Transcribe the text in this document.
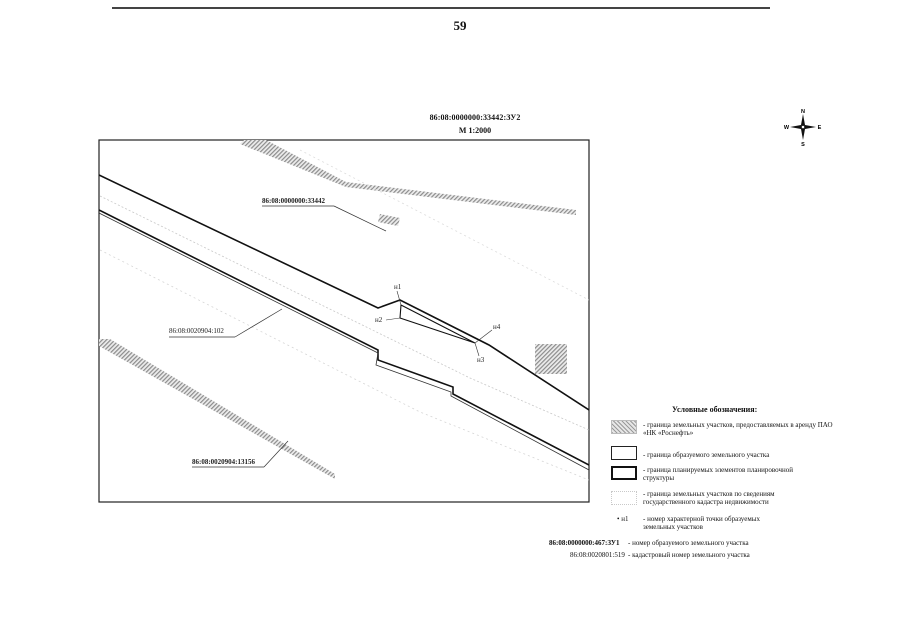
59
86:08:0000000:33442:ЗУ2
М 1:2000
N
S
W	E
н1
н2
н3
н4
86:08:0000000:33442
86:08:0020904:102
86:08:0020904:13156
Условные обозначения:
- граница земельных участков, предоставляемых в аренду ПАО «НК «Роснефть»
- граница образуемого земельного участка
- граница планируемых элементов планировочной структуры
- граница земельных участков по сведениям государственного кадастра недвижимости
• н1 - номер характерной точки образуемых земельных участков
86:08:0000000:467:ЗУ1 - номер образуемого земельного участка
86:08:0020801:519 - кадастровый номер земельного участка
